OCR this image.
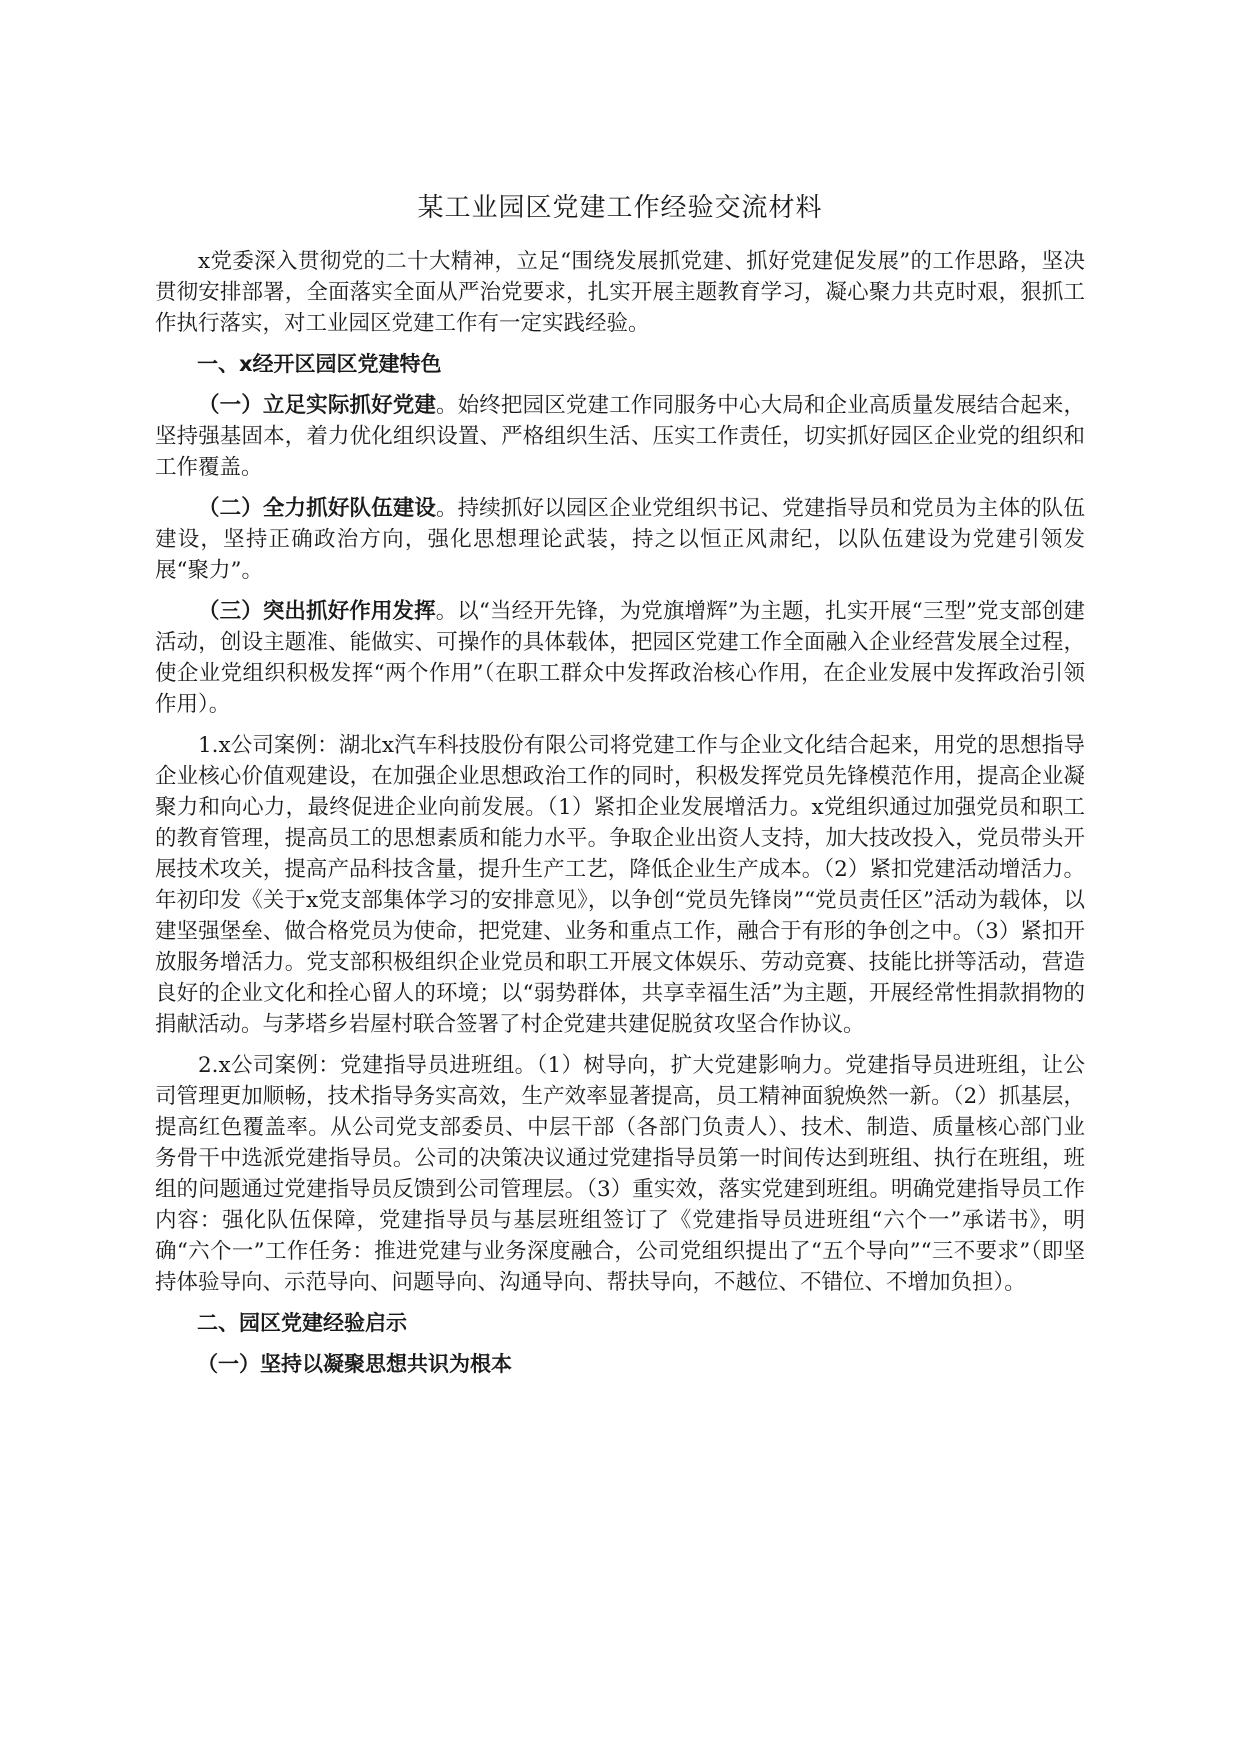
某工业园区党建工作经验交流材料

x党委深入贯彻党的二十大精神，立足“围绕发展抓党建、抓好党建促发展”的工作思路，坚决贯彻安排部署，全面落实全面从严治党要求，扎实开展主题教育学习，凝心聚力共克时艰，狠抓工作执行落实，对工业园区党建工作有一定实践经验。

一、x经开区园区党建特色

（一）立足实际抓好党建。始终把园区党建工作同服务中心大局和企业高质量发展结合起来，坚持强基固本，着力优化组织设置、严格组织生活、压实工作责任，切实抓好园区企业党的组织和工作覆盖。

（二）全力抓好队伍建设。持续抓好以园区企业党组织书记、党建指导员和党员为主体的队伍建设，坚持正确政治方向，强化思想理论武装，持之以恒正风肃纪，以队伍建设为党建引领发展“聚力”。

（三）突出抓好作用发挥。以“当经开先锋，为党旗增辉”为主题，扎实开展“三型”党支部创建活动，创设主题准、能做实、可操作的具体载体，把园区党建工作全面融入企业经营发展全过程，使企业党组织积极发挥“两个作用”（在职工群众中发挥政治核心作用，在企业发展中发挥政治引领作用）。

1.x公司案例：湖北x汽车科技股份有限公司将党建工作与企业文化结合起来，用党的思想指导企业核心价值观建设，在加强企业思想政治工作的同时，积极发挥党员先锋模范作用，提高企业凝聚力和向心力，最终促进企业向前发展。（1）紧扣企业发展增活力。x党组织通过加强党员和职工的教育管理，提高员工的思想素质和能力水平。争取企业出资人支持，加大技改投入，党员带头开展技术攻关，提高产品科技含量，提升生产工艺，降低企业生产成本。（2）紧扣党建活动增活力。年初印发《关于x党支部集体学习的安排意见》，以争创“党员先锋岗”“党员责任区”活动为载体，以建坚强堡垒、做合格党员为使命，把党建、业务和重点工作，融合于有形的争创之中。（3）紧扣开放服务增活力。党支部积极组织企业党员和职工开展文体娱乐、劳动竞赛、技能比拼等活动，营造良好的企业文化和拴心留人的环境；以“弱势群体，共享幸福生活”为主题，开展经常性捐款捐物的捐献活动。与茅塔乡岩屋村联合签署了村企党建共建促脱贫攻坚合作协议。

2.x公司案例：党建指导员进班组。（1）树导向，扩大党建影响力。党建指导员进班组，让公司管理更加顺畅，技术指导务实高效，生产效率显著提高，员工精神面貌焕然一新。（2）抓基层，提高红色覆盖率。从公司党支部委员、中层干部（各部门负责人）、技术、制造、质量核心部门业务骨干中选派党建指导员。公司的决策决议通过党建指导员第一时间传达到班组、执行在班组，班组的问题通过党建指导员反馈到公司管理层。（3）重实效，落实党建到班组。明确党建指导员工作内容：强化队伍保障，党建指导员与基层班组签订了《党建指导员进班组“六个一”承诺书》，明确“六个一”工作任务：推进党建与业务深度融合，公司党组织提出了“五个导向”“三不要求”（即坚持体验导向、示范导向、问题导向、沟通导向、帮扶导向，不越位、不错位、不增加负担）。

二、园区党建经验启示

（一）坚持以凝聚思想共识为根本
